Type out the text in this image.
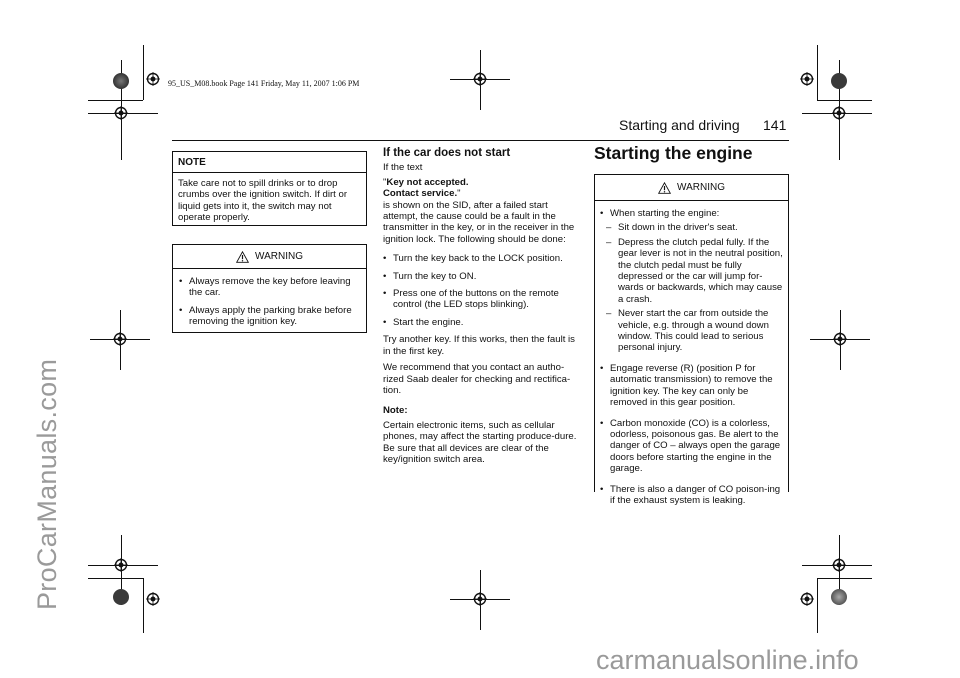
ProCarManuals.com
carmanualsonline.info
95_US_M08.book Page 141 Friday, May 11, 2007 1:06 PM
Starting and driving 141
NOTE
Take care not to spill drinks or to drop crumbs over the ignition switch. If dirt or liquid gets into it, the switch may not operate properly.
WARNING
• Always remove the key before leaving the car.
• Always apply the parking brake before removing the ignition key.
If the car does not start

If the text

"Key not accepted.
Contact service."

is shown on the SID, after a failed start attempt, the cause could be a fault in the transmitter in the key, or in the receiver in the ignition lock. The following should be done:

• Turn the key back to the LOCK position.
• Turn the key to ON.
• Press one of the buttons on the remote control (the LED stops blinking).
• Start the engine.

Try another key. If this works, then the fault is in the first key.

We recommend that you contact an autho-rized Saab dealer for checking and rectifica-tion.

Note:

Certain electronic items, such as cellular phones, may affect the starting produce-dure. Be sure that all devices are clear of the key/ignition switch area.

Starting the engine
WARNING
• When starting the engine:
– Sit down in the driver's seat.
– Depress the clutch pedal fully. If the gear lever is not in the neutral position, the clutch pedal must be fully depressed or the car will jump for-wards or backwards, which may cause a crash.
– Never start the car from outside the vehicle, e.g. through a wound down window. This could lead to serious personal injury.
• Engage reverse (R) (position P for automatic transmission) to remove the ignition key. The key can only be removed in this gear position.
• Carbon monoxide (CO) is a colorless, odorless, poisonous gas. Be alert to the danger of CO – always open the garage doors before starting the engine in the garage.
• There is also a danger of CO poison-ing if the exhaust system is leaking.
